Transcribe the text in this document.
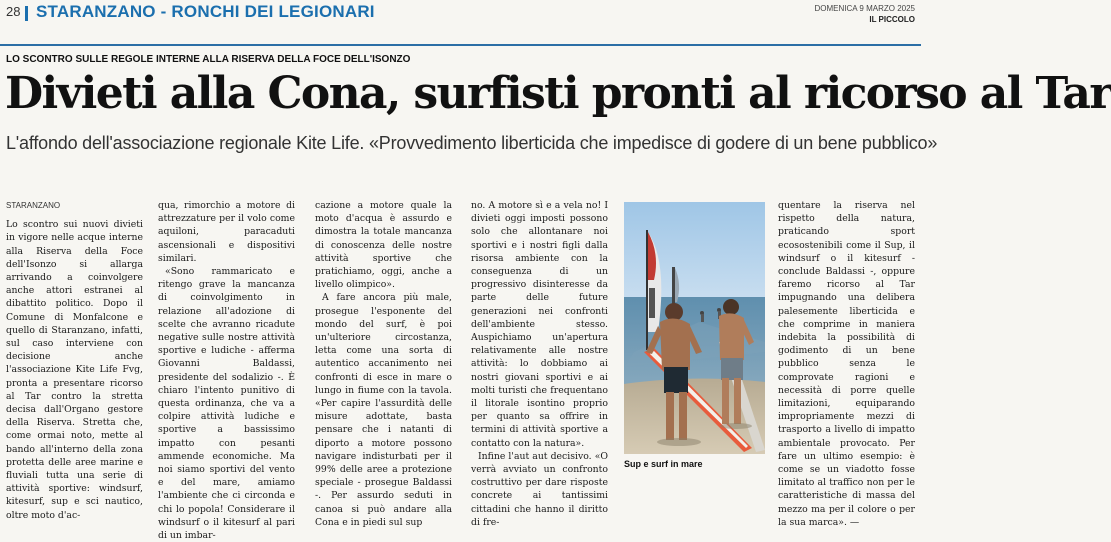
28 STARANZANO - RONCHI DEI LEGIONARI	DOMENICA 9 MARZO 2025
IL PICCOLO
LO SCONTRO SULLE REGOLE INTERNE ALLA RISERVA DELLA FOCE DELL'ISONZO
Divieti alla Cona, surfisti pronti al ricorso al Tar
L'affondo dell'associazione regionale Kite Life. «Provvedimento liberticida che impedisce di godere di un bene pubblico»
STARANZANO

Lo scontro sui nuovi divieti in vigore nelle acque interne alla Riserva della Foce dell'Isonzo si allarga arrivando a coinvolgere anche attori estranei al dibattito politico. Dopo il Comune di Monfalcone e quello di Staranzano, infatti, sul caso interviene con decisione anche l'associazione Kite Life Fvg, pronta a presentare ricorso al Tar contro la stretta decisa dall'Organo gestore della Riserva. Stretta che, come ormai noto, mette al bando all'interno della zona protetta delle aree marine e fluviali tutta una serie di attività sportive: windsurf, kitesurf, sup e sci nautico, oltre moto d'ac-

qua, rimorchio a motore di attrezzature per il volo come aquiloni, paracaduti ascensionali e dispositivi similari.

«Sono rammaricato e ritengo grave la mancanza di coinvolgimento in relazione all'adozione di scelte che avranno ricadute negative sulle nostre attività sportive e ludiche - afferma Giovanni Baldassi, presidente del sodalizio -. È chiaro l'intento punitivo di questa ordinanza, che va a colpire attività ludiche e sportive a bassissimo impatto con pesanti ammende economiche. Ma noi siamo sportivi del vento e del mare, amiamo l'ambiente che ci circonda e chi lo popola! Considerare il windsurf o il kitesurf al pari di un imbar-

cazione a motore quale la moto d'acqua è assurdo e dimostra la totale mancanza di conoscenza delle nostre attività sportive che pratichiamo, oggi, anche a livello olimpico».

A fare ancora più male, prosegue l'esponente del mondo del surf, è poi un'ulteriore circostanza, letta come una sorta di autentico accanimento nei confronti di esce in mare o lungo in fiume con la tavola. «Per capire l'assurdità delle misure adottate, basta pensare che i natanti di diporto a motore possono navigare indisturbati per il 99% delle aree a protezione speciale - prosegue Baldassi -. Per assurdo seduti in canoa si può andare alla Cona e in piedi sul sup

no. A motore sì e a vela no! I divieti oggi imposti possono solo che allontanare noi sportivi e i nostri figli dalla risorsa ambiente con la conseguenza di un progressivo disinteresse da parte delle future generazioni nei confronti dell'ambiente stesso. Auspichiamo un'apertura relativamente alle nostre attività: lo dobbiamo ai nostri giovani sportivi e ai molti turisti che frequentano il litorale isontino proprio per quanto sa offrire in termini di attività sportive a contatto con la natura».

Infine l'aut aut decisivo. «O verrà avviato un confronto costruttivo per dare risposte concrete ai tantissimi cittadini che hanno il diritto di fre-

Sup e surf in mare

quentare la riserva nel rispetto della natura, praticando sport ecosostenibili come il Sup, il windsurf o il kitesurf - conclude Baldassi -, oppure faremo ricorso al Tar impugnando una delibera palesemente liberticida e che comprime in maniera indebita la possibilità di godimento di un bene pubblico senza le comprovate ragioni e necessità di porre quelle limitazioni, equiparando impropriamente mezzi di trasporto a livello di impatto ambientale provocato. Per fare un ultimo esempio: è come se un viadotto fosse limitato al traffico non per le caratteristiche di massa del mezzo ma per il colore o per la sua marca». —
